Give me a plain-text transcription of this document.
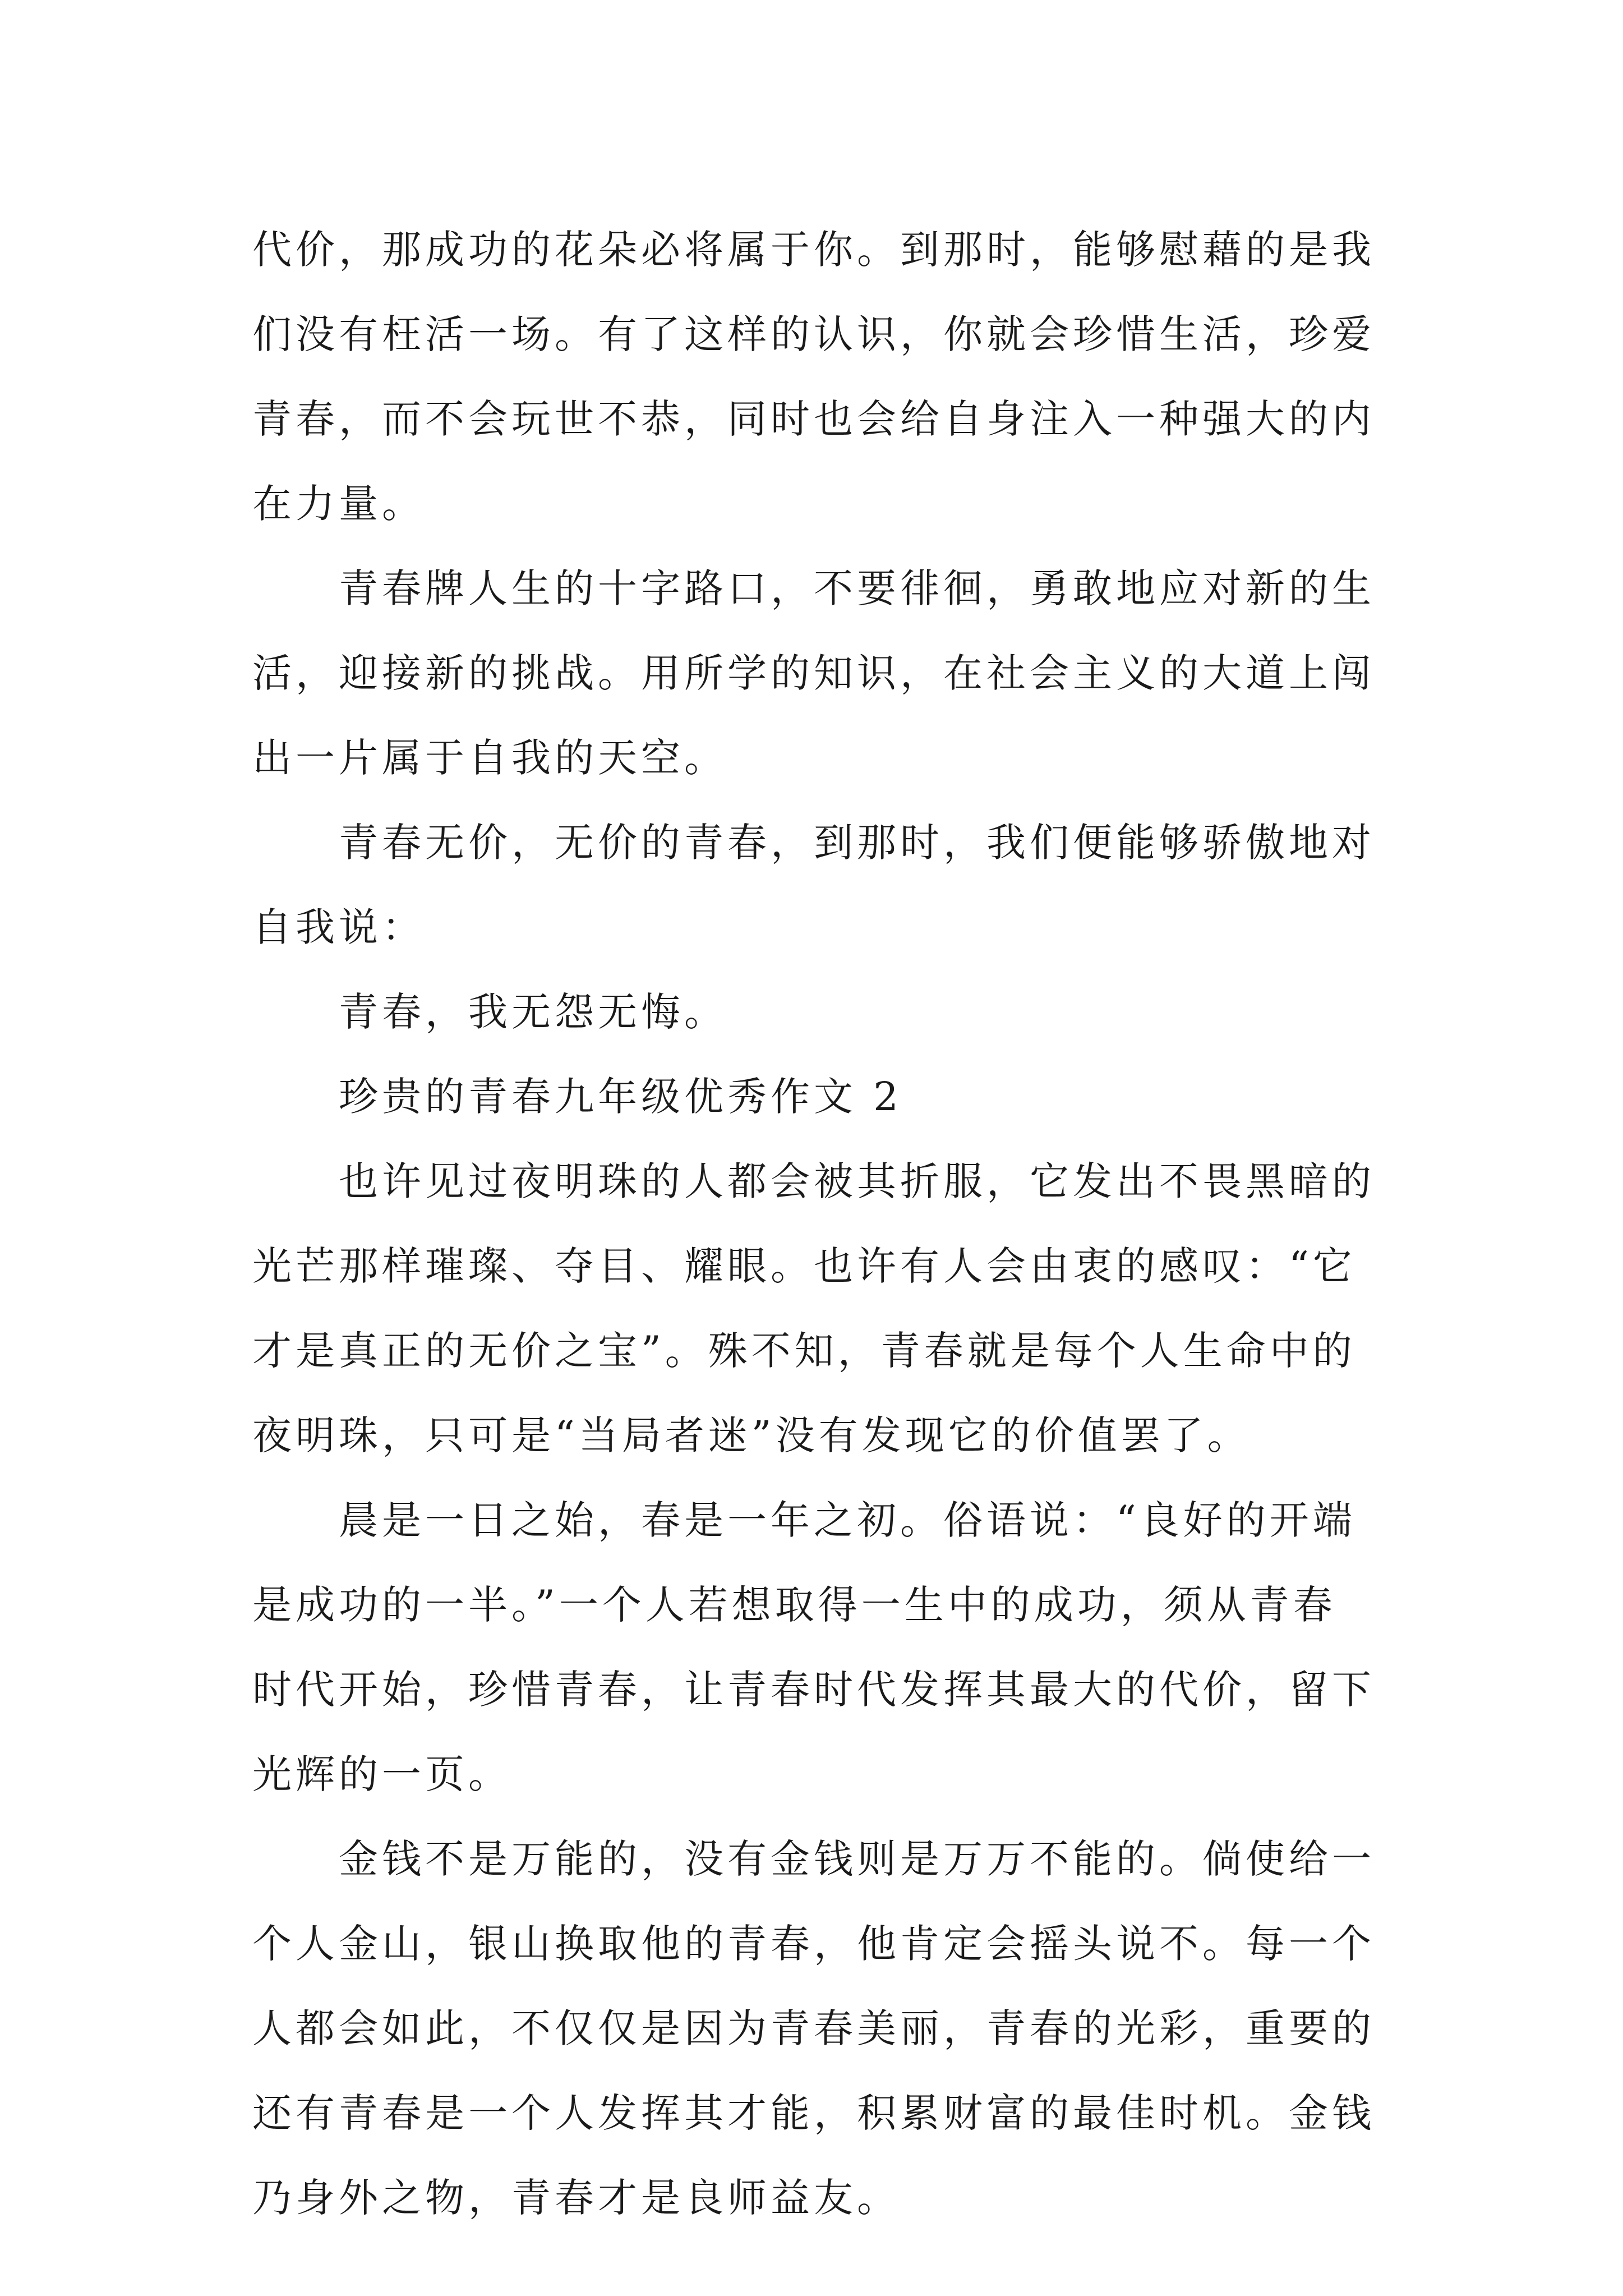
代价，那成功的花朵必将属于你。到那时，能够慰藉的是我
们没有枉活一场。有了这样的认识，你就会珍惜生活，珍爱
青春，而不会玩世不恭，同时也会给自身注入一种强大的内
在力量。
青春牌人生的十字路口，不要徘徊，勇敢地应对新的生
活，迎接新的挑战。用所学的知识，在社会主义的大道上闯
出一片属于自我的天空。
青春无价，无价的青春，到那时，我们便能够骄傲地对
自我说：
青春，我无怨无悔。
珍贵的青春九年级优秀作文 2
也许见过夜明珠的人都会被其折服，它发出不畏黑暗的
光芒那样璀璨、夺目、耀眼。也许有人会由衷的感叹：“它
才是真正的无价之宝”。殊不知，青春就是每个人生命中的
夜明珠，只可是“当局者迷”没有发现它的价值罢了。
晨是一日之始，春是一年之初。俗语说：“良好的开端
是成功的一半。”一个人若想取得一生中的成功，须从青春
时代开始，珍惜青春，让青春时代发挥其最大的代价，留下
光辉的一页。
金钱不是万能的，没有金钱则是万万不能的。倘使给一
个人金山，银山换取他的青春，他肯定会摇头说不。每一个
人都会如此，不仅仅是因为青春美丽，青春的光彩，重要的
还有青春是一个人发挥其才能，积累财富的最佳时机。金钱
乃身外之物，青春才是良师益友。
